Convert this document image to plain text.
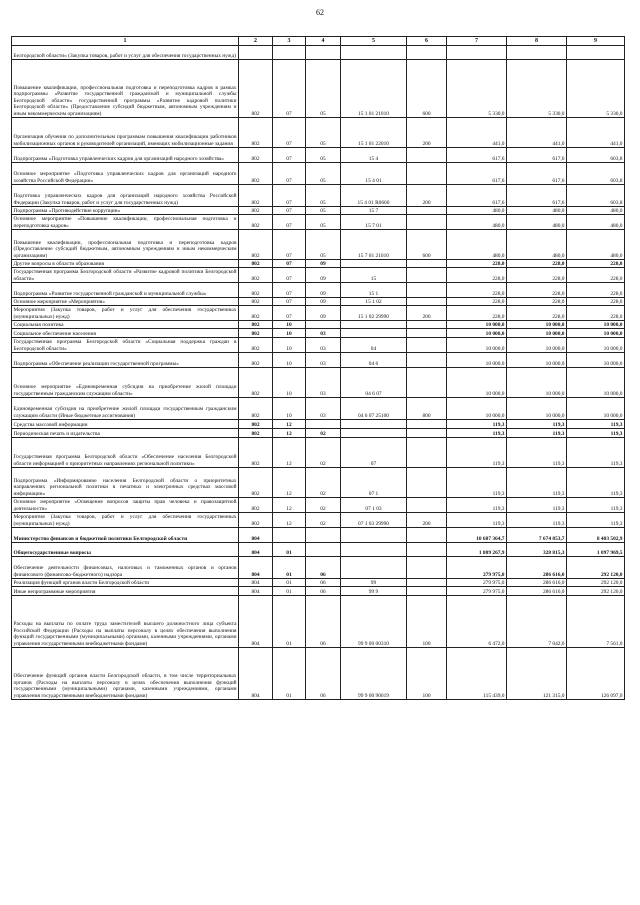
62
1	2	3	4	5	6	7	8	9
Белгородской области» (Закупка товаров, работ и услуг для обеспечения государственных нужд)								
Повышение квалификации, профессиональная подготовка и переподготовка кадров в рамках подпрограммы «Развитие государственной гражданской и муниципальной службы Белгородской области» государственной программы «Развитие кадровой политики Белгородской области» (Предоставление субсидий бюджетным, автономным учреждениям и иным некоммерческим организациям)	802	07	05	15 1 01 21010	600	5 330,0	5 330,0	5 330,0
Организация обучения по дополнительным программам повышения квалификации работников мобилизационных органов и руководителей организаций, имеющих мобилизационные задания	802	07	05	15 1 01 22010	200	441,0	441,0	441,0
Подпрограмма «Подготовка управленческих кадров для организаций народного хозяйства»	802	07	05	15 4		617,6	617,6	603,8
Основное мероприятие «Подготовка управленческих кадров для организаций народного хозяйства Российской Федерации»	802	07	05	15 4 01		617,6	617,6	603,8
Подготовка управленческих кадров для организаций народного хозяйства Российской Федерации (Закупка товаров, работ и услуг для государственных нужд)	802	07	05	15 4 01 R0660	200	617,6	617,6	603,8
Подпрограмма «Противодействие коррупции»	802	07	05	15 7		480,0	480,0	480,0
Основное мероприятие «Повышение квалификации, профессиональная подготовка и переподготовка кадров»	802	07	05	15 7 01		480,0	480,0	480,0
Повышение квалификации, профессиональная подготовка и переподготовка кадров (Предоставление субсидий бюджетным, автономным учреждениям и иным некоммерческим организациям)	802	07	05	15 7 01 21010	600	480,0	480,0	480,0
Другие вопросы в области образования	802	07	09			228,0	228,0	228,0
Государственная программа Белгородской области «Развитие кадровой политики Белгородской области»	802	07	09	15		228,0	228,0	228,0
Подпрограмма «Развитие государственной гражданской и муниципальной службы»	802	07	09	15 1		228,0	228,0	228,0
Основное мероприятие «Мероприятия»	802	07	09	15 1 02		228,0	228,0	228,0
Мероприятия (Закупка товаров, работ и услуг для обеспечения государственных (муниципальных) нужд)	802	07	09	15 1 02 29990	200	228,0	228,0	228,0
Социальная политика	802	10				10 000,0	10 000,0	10 000,0
Социальное обеспечение населения	802	10	03			10 000,0	10 000,0	10 000,0
Государственная программа Белгородской области «Социальная поддержка граждан в Белгородской области»	802	10	03	04		10 000,0	10 000,0	10 000,0
Подпрограмма «Обеспечение реализации государственной программы»	802	10	03	04 6		10 000,0	10 000,0	10 000,0
Основное мероприятие «Единовременная субсидия на приобретение жилой площади государственным гражданским служащим области»	802	10	03	04 6 07		10 000,0	10 000,0	10 000,0
Единовременная субсидия на приобретение жилой площади государственным гражданским служащим области (Иные бюджетные ассигнования)	802	10	03	04 6 07 25100	800	10 000,0	10 000,0	10 000,0
Средства массовой информации	802	12				119,3	119,3	119,3
Периодическая печать и издательства	802	12	02			119,3	119,3	119,3
Государственная программа Белгородской области «Обеспечение населения Белгородской области информацией о приоритетных направлениях региональной политики»	802	12	02	07		119,3	119,3	119,3
Подпрограмма «Информирование населения Белгородской области о приоритетных направлениях региональной политики в печатных и электронных средствах массовой информации»	802	12	02	07 1		119,3	119,3	119,3
Основное мероприятие «Освещение вопросов защиты прав человека и правозащитной деятельности»	802	12	02	07 1 03		119,3	119,3	119,3
Мероприятия (Закупка товаров, работ и услуг для обеспечения государственных (муниципальных) нужд)	802	12	02	07 1 03 29990	200	119,3	119,3	119,3
Министерство финансов и бюджетной политики Белгородской области	804					10 687 364,7	7 674 853,7	8 403 502,9
Общегосударственные вопросы	804	01				1 809 267,9	328 815,3	1 097 969,5
Обеспечение деятельности финансовых, налоговых и таможенных органов и органов финансового (финансово-бюджетного) надзора	804	01	06			279 975,0	286 616,0	292 120,0
Реализация функций органов власти Белгородской области	804	01	06	99		279 975,0	286 616,0	292 120,0
Иные непрограммные мероприятия	804	01	06	99 9		279 975,0	286 616,0	292 120,0
Расходы на выплаты по оплате труда заместителей высшего должностного лица субъекта Российской Федерации (Расходы на выплаты персоналу в целях обеспечения выполнения функций государственными (муниципальными) органами, казенными учреждениями, органами управления государственными внебюджетными фондами)	804	01	06	99 9 00 00310	100	6 472,0	7 042,0	7 561,0
Обеспечение функций органов власти Белгородской области, в том числе территориальных органов (Расходы на выплаты персоналу в целях обеспечения выполнения функций государственными (муниципальными) органами, казенными учреждениями, органами управления государственными внебюджетными фондами)	804	01	06	99 9 00 90019	100	115 439,0	121 315,0	126 097,0
